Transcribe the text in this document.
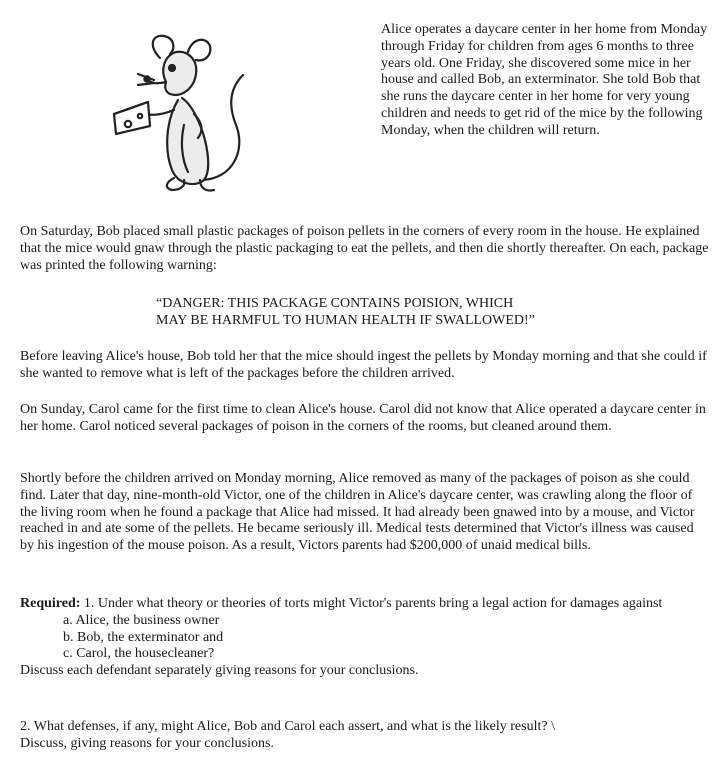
Alice operates a daycare center in her home from Monday through Friday for children from ages 6 months to three years old. One Friday, she discovered some mice in her house and called Bob, an exterminator. She told Bob that she runs the daycare center in her home for very young children and needs to get rid of the mice by the following Monday, when the children will return.

On Saturday, Bob placed small plastic packages of poison pellets in the corners of every room in the house. He explained that the mice would gnaw through the plastic packaging to eat the pellets, and then die shortly thereafter. On each, package was printed the following warning:

“DANGER: THIS PACKAGE CONTAINS POISION, WHICH
MAY BE HARMFUL TO HUMAN HEALTH IF SWALLOWED!”

Before leaving Alice's house, Bob told her that the mice should ingest the pellets by Monday morning and that she could if she wanted to remove what is left of the packages before the children arrived.

On Sunday, Carol came for the first time to clean Alice's house. Carol did not know that Alice operated a daycare center in her home. Carol noticed several packages of poison in the corners of the rooms, but cleaned around them.

Shortly before the children arrived on Monday morning, Alice removed as many of the packages of poison as she could find. Later that day, nine-month-old Victor, one of the children in Alice's daycare center, was crawling along the floor of the living room when he found a package that Alice had missed. It had already been gnawed into by a mouse, and Victor reached in and ate some of the pellets. He became seriously ill. Medical tests determined that Victor's illness was caused by his ingestion of the mouse poison. As a result, Victors parents had $200,000 of unaid medical bills.

Required: 1. Under what theory or theories of torts might Victor's parents bring a legal action for damages against
a. Alice, the business owner
b. Bob, the exterminator and
c. Carol, the housecleaner?
Discuss each defendant separately giving reasons for your conclusions.
2. What defenses, if any, might Alice, Bob and Carol each assert, and what is the likely result? \
Discuss, giving reasons for your conclusions.
